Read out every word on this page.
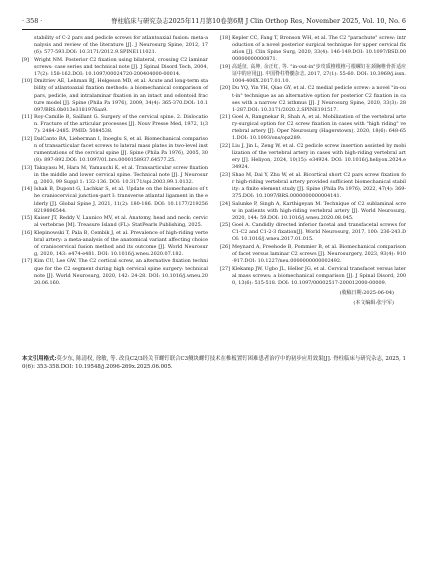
· 358 ·	脊柱临床与研究杂志2025年11月第10卷第6期 J Clin Orthop Res, November 2025, Vol. 10, No. 6
stability of C-2 pars and pedicle screws for atlantoaxial fusion: meta-analysis and review of the literature [J]. J Neurosurg Spine, 2012, 17(6): 577-593.DOI: 10.3171/2012.9.SPINE111021.
[9] Wright NM. Posterior C2 fixation using bilateral, crossing C2 laminar screws: case series and technical note [J]. J Spinal Disord Tech, 2004, 17(2): 158-162.DOI: 10.1097/00024720-200404000-00014.
[10] Dmitriev AE, Lehman RJ, Helgeson MD, et al. Acute and long-term stability of atlantoaxial fixation methods: a biomechanical comparison of pars, pedicle, and intralaminar fixation in an intact and odontoid fracture model [J]. Spine (Phila Pa 1976), 2009, 34(4): 365-370.DOI: 10.1097/BRS.0b013e3181976aa9.
[11] Roy-Camille R, Saillant G. Surgery of the cervical spine. 2. Dislocation. Fracture of the articular processes [J]. Nouv Presse Med, 1972, 1(37): 2484-2485. PMID: 5084538.
[12] DalCanto RA, Lieberman I, Inoeglu S, et al. Biomechanical comparison of transarticular facet screws to lateral mass plates in two-level instrumentations of the cervical spine [J]. Spine (Phila Pa 1976), 2005, 30(8): 897-892.DOI: 10.1097/01.brs.0000158937.64577.25.
[13] Takayasu M, Hara M, Yamauchi K, et al. Transarticular screw fixation in the middle and lower cervical spine. Technical note [J]. J Neurosurg, 2003, 99 Suppl 1: 132-136. DOI: 10.3171/spi.2003.99.1.0132.
[14] Ishak B, Dupont G, Lachkar S, et al. Update on the biomechanics of the craniocervical junction-part I: transverse atlantal ligament in the elderly [J]. Global Spine J, 2021, 11(2): 180-186. DOI: 10.1177/2192568219896544.
[15] Kaiser JT, Reddy V, Launico MV, et al. Anatomy, head and neck: cervical vertebrae [M]. Treasure Island (FL): StatPearls Publishing, 2025.
[16] Klepinowski T, Pala B, Cembik J, et al. Prevalence of high-riding vertebral artery: a meta-analysis of the anatomical variant affecting choice of craniocervical fusion method and its outcome [J]. World Neurosurg, 2020, 143: e474-e481. DOI: 10.1016/j.wneu.2020.07.182.
[17] Kim CU, Lee GW. The C2 cortical screw, an alternative fixation technique for the C2 segment during high cervical spine surgery: technical note [J]. World Neurosurg, 2020, 142: 24-28. DOI: 10.1016/j.wneu.2020.06.160.
[18] Kepler CC, Fang T, Bronson WH, et al. The C2 "parachute" screw: introduction of a novel posterior surgical technique for upper cervical fixation [J]. Clin Spine Surg, 2020, 33(4): 146-149.DOI: 10.1097/BSD.0000000000000871.
[19] 高延征, 高坤, 余正红, 等. "in-out-in"步攻质椎根椎弓根螺钉在颈胸椎骨折适应证中的应用[J]. 中国脊柱脊髓杂志, 2017, 27(1): 55-60. DOI: 10.3969/j.issn.1004-406X.2017.01.10.
[20] Du YQ, Yin YH, Qiao GY, et al. C2 medial pedicle screw: a novel "in-out-in" technique as an alternative option for posterior C2 fixation in cases with a narrow C2 isthmus [J]. J Neurosurg Spine, 2020, 33(3): 281-287.DOI: 10.3171/2020.2.SPINE191517.
[21] Goel A, Rangnekar R, Shah A, et al. Mobilization of the vertebral artery-surgical option for C2 screw fixation in cases with "high riding" vertebral artery [J]. Oper Neurosurg (Hagerstown), 2020, 18(6): 648-651.DOI: 10.1093/ons/opz289.
[22] Liu J, Jin L, Zeng W, et al. C2 pedicle screw insertion assisted by mobilization of the vertebral artery in cases with high-riding vertebral artery [J]. Heliyon, 2024, 10(15): e34924. DOI: 10.1016/j.heliyon.2024.e34924.
[23] Shao M, Dai Y, Zhu W, et al. Bicortical short C2 pars screw fixation for high-riding vertebral artery provided sufficient biomechanical stability: a finite element study [J]. Spine (Phila Pa 1976), 2022, 47(4): 369-375.DOI: 10.1097/BRS.0000000000004141.
[24] Salunke P, Singh A, Karthigeyan M. Technique of C2 sublaminal screw in patients with high-riding vertebral artery [J]. World Neurosurg, 2020, 144: 59.DOI: 10.1016/j.wneu.2020.08.045.
[25] Goel A. Candidly directed inferior facetal and transfacetal screws for C1-C2 and C1-2-3 fixation[J]. World Neurosurg, 2017, 100: 236-243.DOI: 10.1016/j.wneu.2017.01.015.
[26] Meynard A, Freehode B, Pommier B, et al. Biomechanical comparison of facet versus laminar C2 screws [J]. Neurosurgery, 2023, 93(4): 910-917.DOI: 10.1227/neu.0000000000002492.
[27] Klekamp JW, Ugbo JL, Heller JG, et al. Cervical transfacet versus lateral mass screws: a biomechanical comparison [J]. J Spinal Disord, 2000, 13(6): 515-518. DOI: 10.1097/00002517-200012000-00009.
(收稿日期:2025-06-04)
(本文编辑:张宇军)
本文引用格式:莫少东, 陈清权, 徐敏, 等. 改良C2/3经关节螺钉联合C3侧块螺钉技术在椎板置钉困难患者治疗中的初步应用效果[J]. 脊柱临床与研究杂志, 2025, 10(6): 353-358.DOI: 10.19548/j.2096-269x.2025.06.005.
